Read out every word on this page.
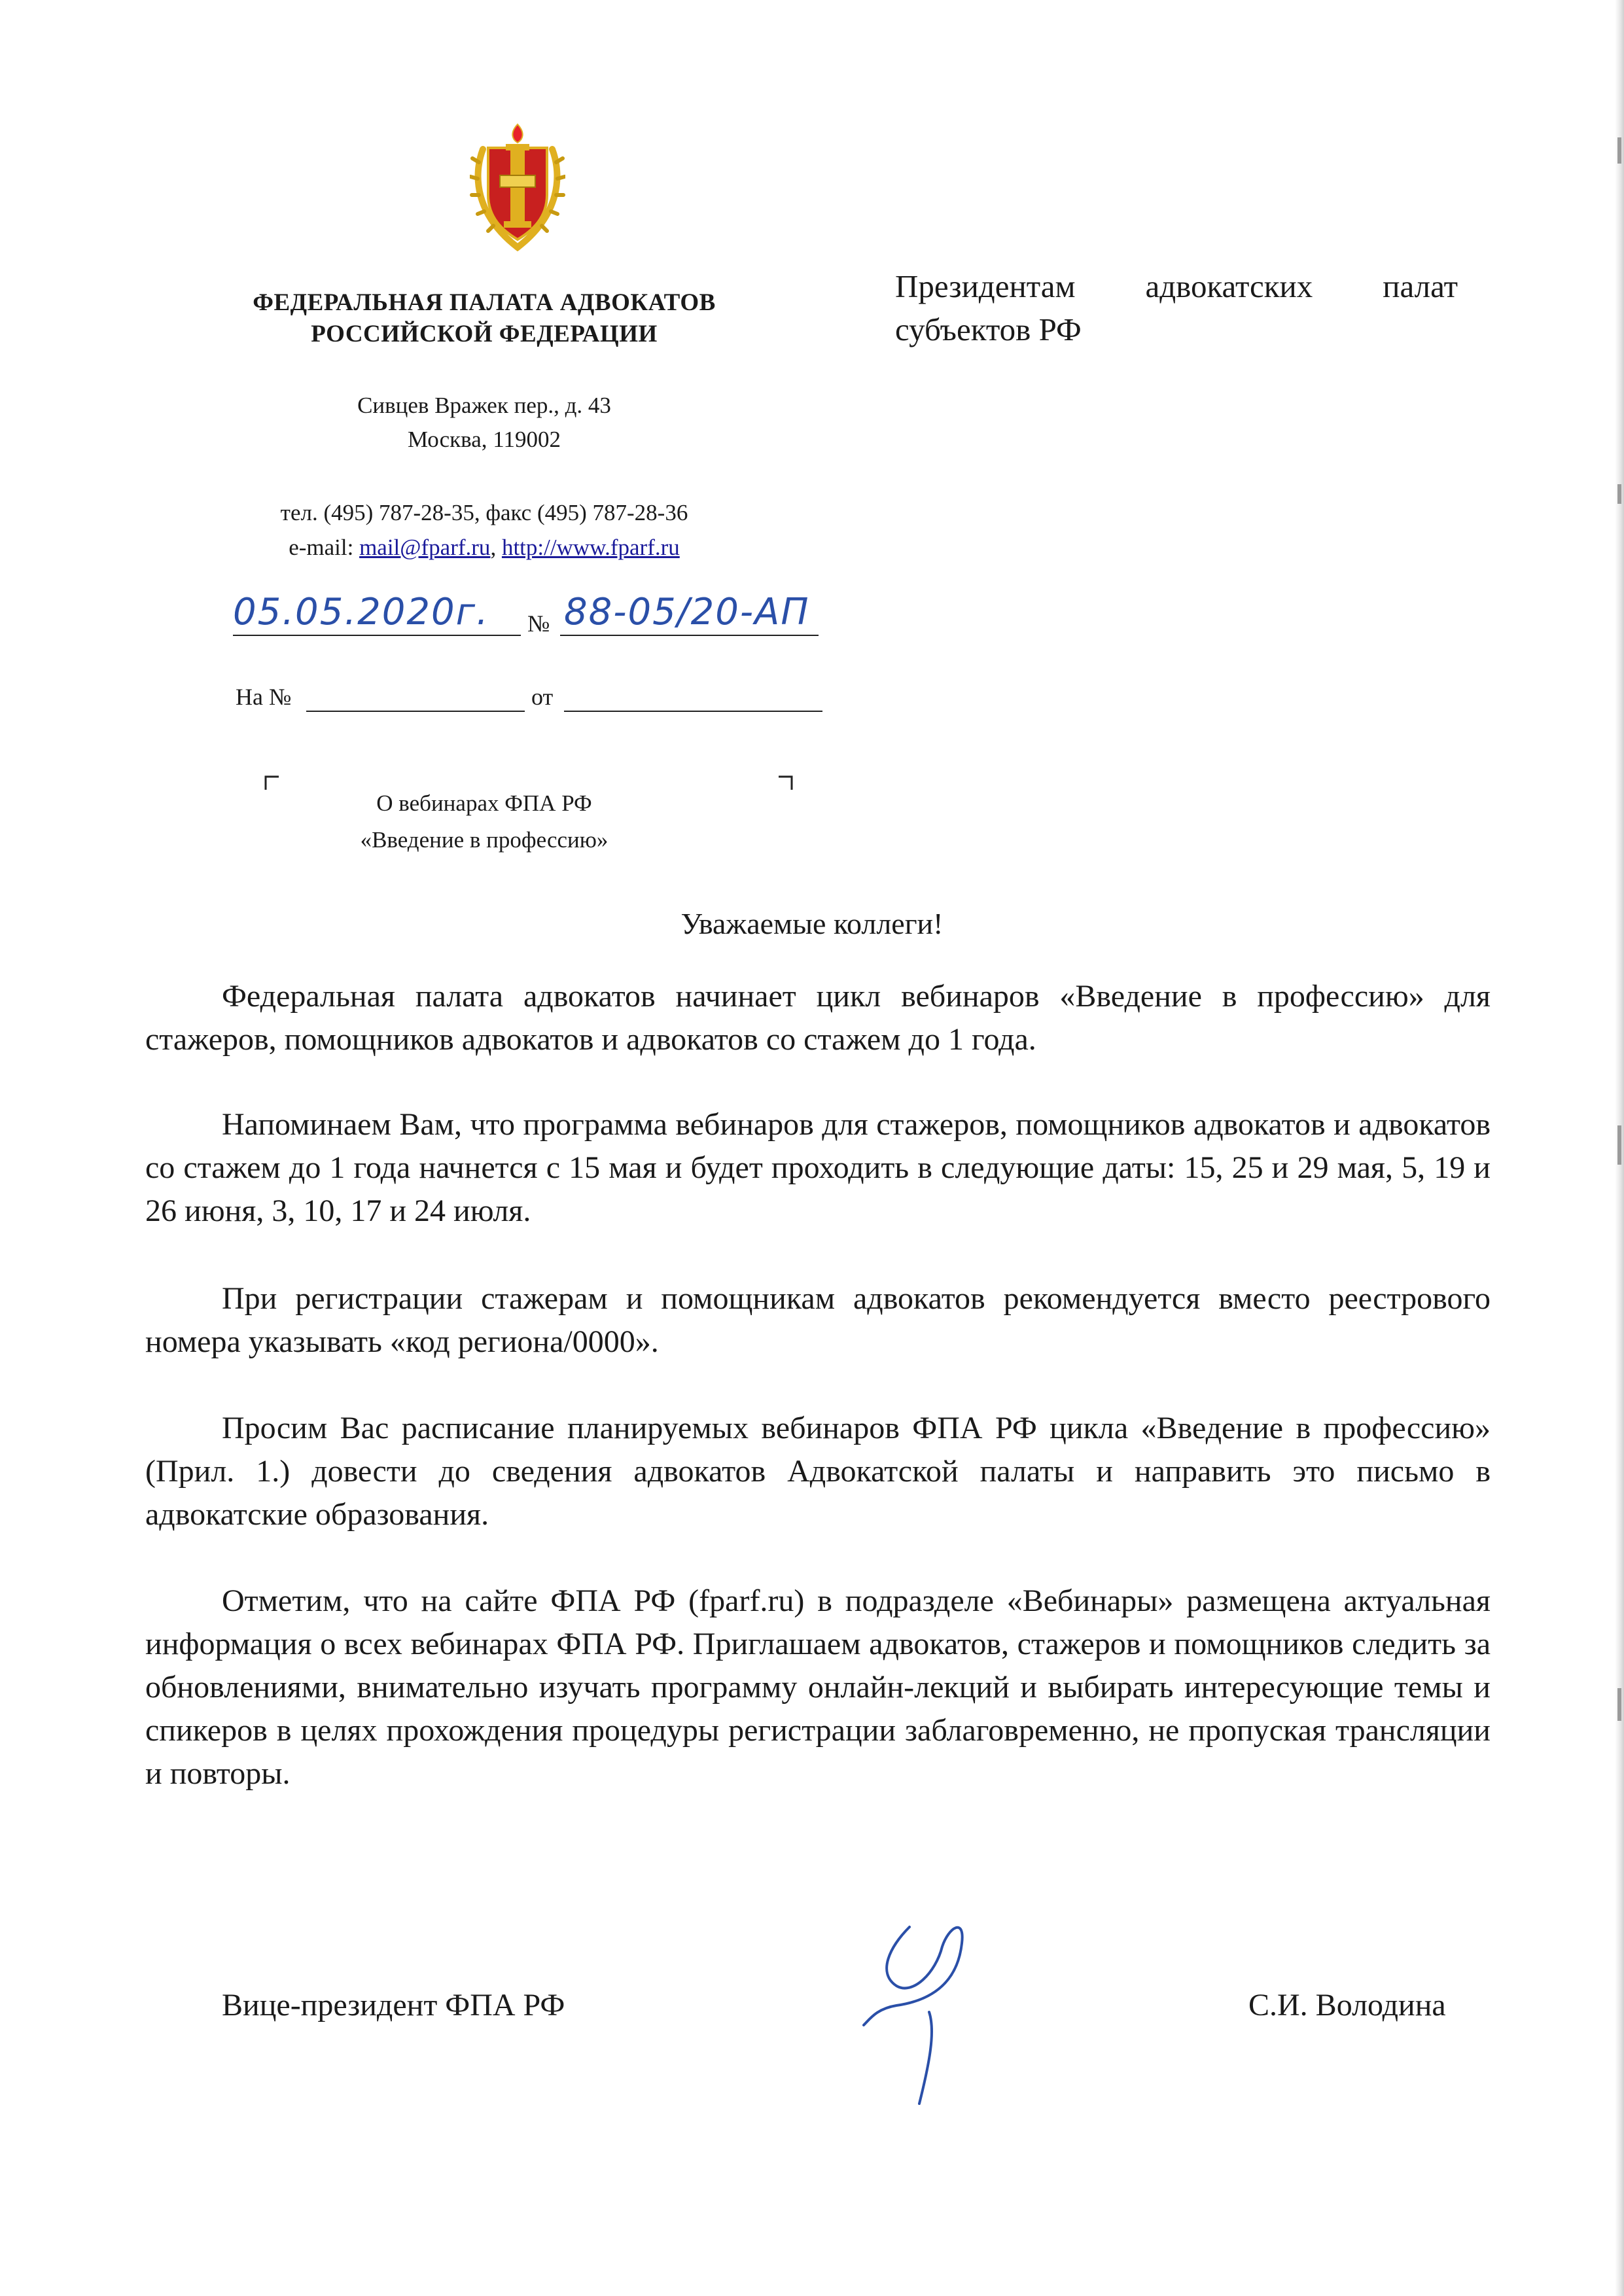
ФЕДЕРАЛЬНАЯ ПАЛАТА АДВОКАТОВ
РОССИЙСКОЙ ФЕДЕРАЦИИ
Сивцев Вражек пер., д. 43
Москва, 119002
тел. (495) 787-28-35, факс (495) 787-28-36
e-mail: mail@fparf.ru, http://www.fparf.ru
05.05.2020г. № 88-05/20-АП
На №	от
О вебинарах ФПА РФ
«Введение в профессию»
Президентам адвокатских палат субъектов РФ
Уважаемые коллеги!
Федеральная палата адвокатов начинает цикл вебинаров «Введение в профессию» для стажеров, помощников адвокатов и адвокатов со стажем до 1 года.
Напоминаем Вам, что программа вебинаров для стажеров, помощников адвокатов и адвокатов со стажем до 1 года начнется с 15 мая и будет проходить в следующие даты: 15, 25 и 29 мая, 5, 19 и 26 июня, 3, 10, 17 и 24 июля.
При регистрации стажерам и помощникам адвокатов рекомендуется вместо реестрового номера указывать «код региона/0000».
Просим Вас расписание планируемых вебинаров ФПА РФ цикла «Введение в профессию» (Прил. 1.) довести до сведения адвокатов Адвокатской палаты и направить это письмо в адвокатские образования.
Отметим, что на сайте ФПА РФ (fparf.ru) в подразделе «Вебинары» размещена актуальная информация о всех вебинарах ФПА РФ. Приглашаем адвокатов, стажеров и помощников следить за обновлениями, внимательно изучать программу онлайн-лекций и выбирать интересующие темы и спикеров в целях прохождения процедуры регистрации заблаговременно, не пропуская трансляции и повторы.
Вице-президент ФПА РФ	С.И. Володина
